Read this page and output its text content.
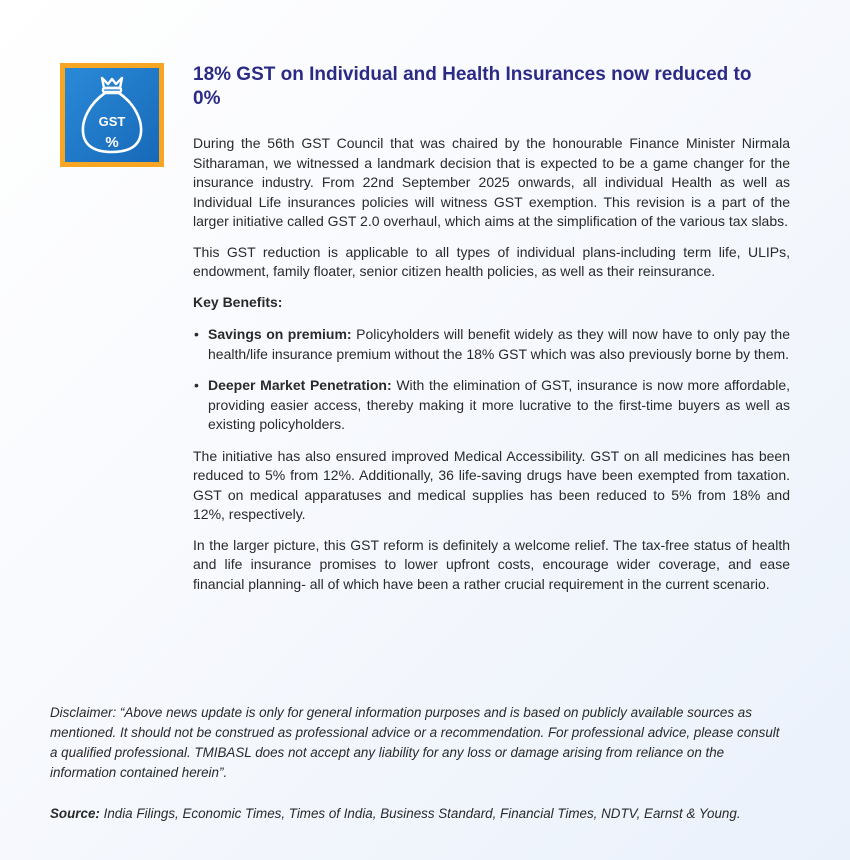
GST
%
18% GST on Individual and Health Insurances now reduced to 0%

During the 56th GST Council that was chaired by the honourable Finance Minister Nirmala Sitharaman, we witnessed a landmark decision that is expected to be a game changer for the insurance industry. From 22nd September 2025 onwards, all individual Health as well as Individual Life insurances policies will witness GST exemption. This revision is a part of the larger initiative called GST 2.0 overhaul, which aims at the simplification of the various tax slabs.

This GST reduction is applicable to all types of individual plans-including term life, ULIPs, endowment, family floater, senior citizen health policies, as well as their reinsurance.

Key Benefits:

• Savings on premium: Policyholders will benefit widely as they will now have to only pay the health/life insurance premium without the 18% GST which was also previously borne by them.
• Deeper Market Penetration: With the elimination of GST, insurance is now more affordable, providing easier access, thereby making it more lucrative to the first-time buyers as well as existing policyholders.

The initiative has also ensured improved Medical Accessibility. GST on all medicines has been reduced to 5% from 12%. Additionally, 36 life-saving drugs have been exempted from taxation. GST on medical apparatuses and medical supplies has been reduced to 5% from 18% and 12%, respectively.

In the larger picture, this GST reform is definitely a welcome relief. The tax-free status of health and life insurance promises to lower upfront costs, encourage wider coverage, and ease financial planning- all of which have been a rather crucial requirement in the current scenario.

Disclaimer: “Above news update is only for general information purposes and is based on publicly available sources as mentioned. It should not be construed as professional advice or a recommendation. For professional advice, please consult a qualified professional. TMIBASL does not accept any liability for any loss or damage arising from reliance on the information contained herein”.

Source: India Filings, Economic Times, Times of India, Business Standard, Financial Times, NDTV, Earnst & Young.
